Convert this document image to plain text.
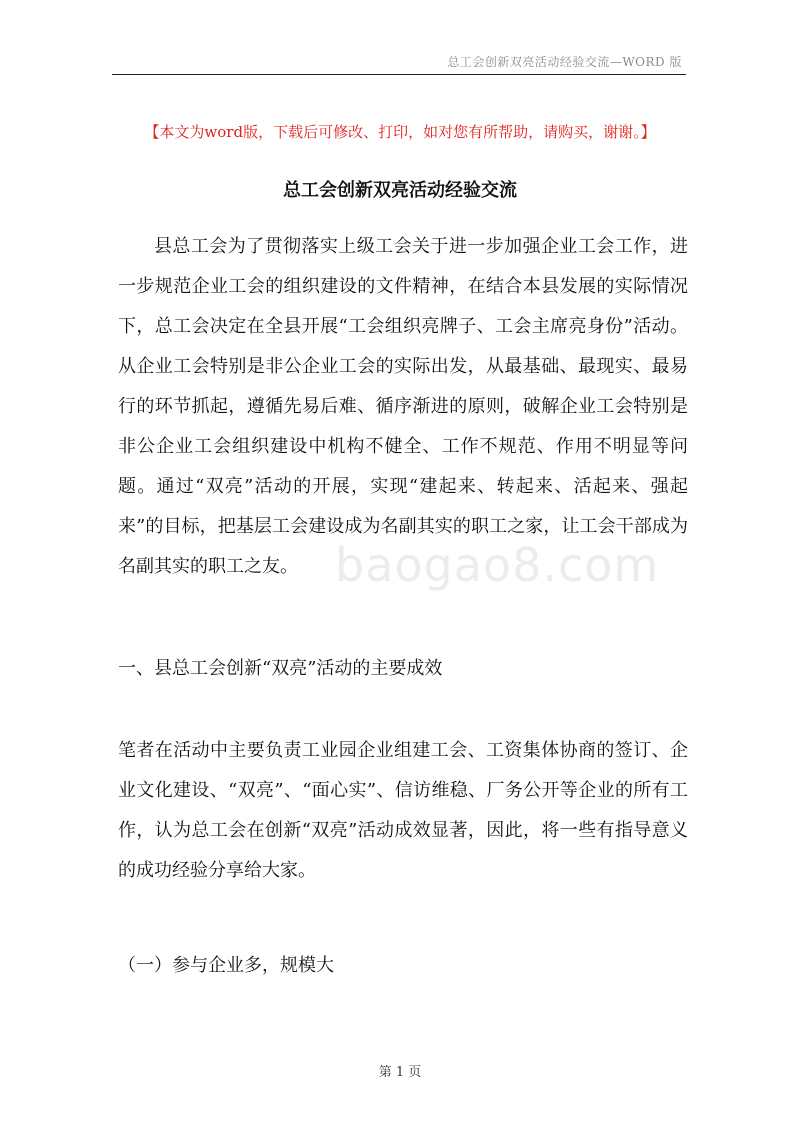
总工会创新双亮活动经验交流—WORD 版
【本文为word版，下载后可修改、打印，如对您有所帮助，请购买，谢谢。】
总工会创新双亮活动经验交流
县总工会为了贯彻落实上级工会关于进一步加强企业工会工作，进一步规范企业工会的组织建设的文件精神，在结合本县发展的实际情况下，总工会决定在全县开展“工会组织亮牌子、工会主席亮身份”活动。从企业工会特别是非公企业工会的实际出发，从最基础、最现实、最易行的环节抓起，遵循先易后难、循序渐进的原则，破解企业工会特别是非公企业工会组织建设中机构不健全、工作不规范、作用不明显等问题。通过“双亮”活动的开展，实现“建起来、转起来、活起来、强起来”的目标，把基层工会建设成为名副其实的职工之家，让工会干部成为名副其实的职工之友。
一、县总工会创新“双亮”活动的主要成效
笔者在活动中主要负责工业园企业组建工会、工资集体协商的签订、企业文化建设、“双亮”、“面心实”、信访维稳、厂务公开等企业的所有工作，认为总工会在创新“双亮”活动成效显著，因此，将一些有指导意义的成功经验分享给大家。
（一）参与企业多，规模大
baogao8.com
第 1 页
